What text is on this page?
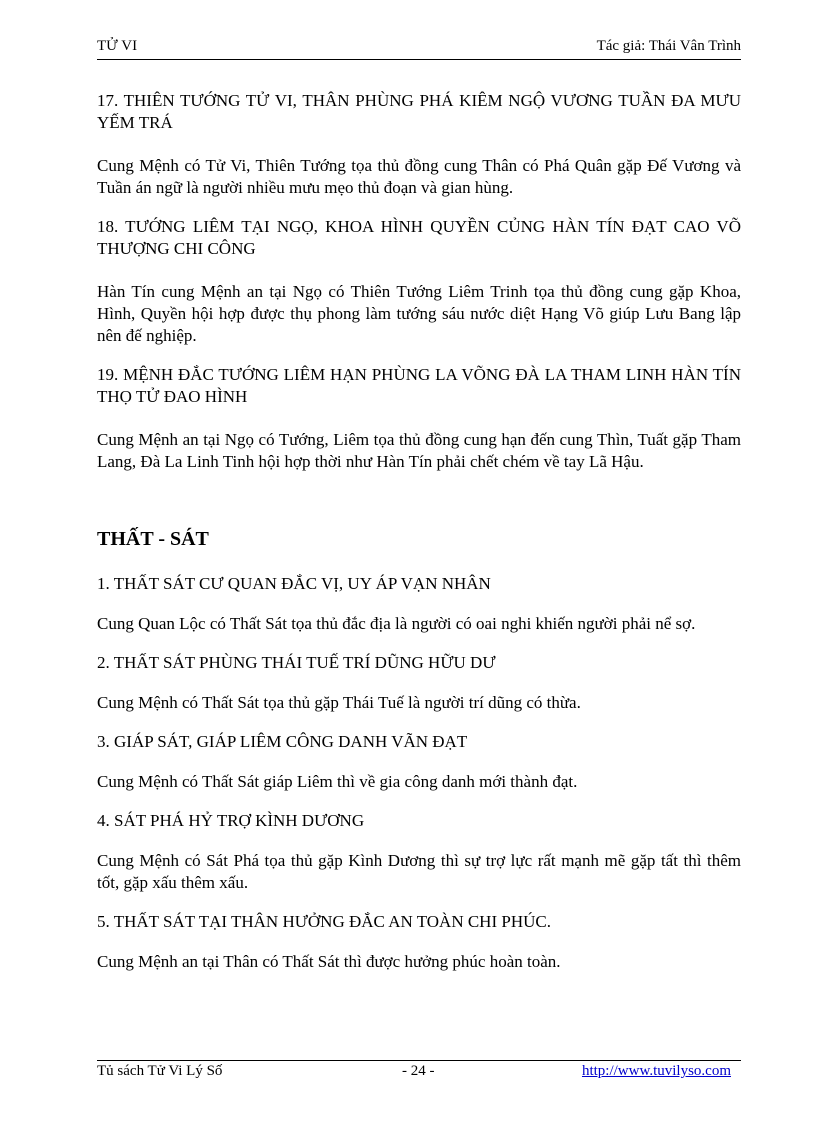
TỬ VI	Tác giả: Thái Vân Trình

17. THIÊN TƯỚNG TỬ VI, THÂN PHÙNG PHÁ KIÊM NGỘ VƯƠNG TUẦN ĐA MƯU YẾM TRÁ

Cung Mệnh có Tử Vi, Thiên Tướng tọa thủ đồng cung Thân có Phá Quân gặp Đế Vương và Tuần án ngữ là người nhiều mưu mẹo thủ đoạn và gian hùng.

18. TƯỚNG LIÊM TẠI NGỌ, KHOA HÌNH QUYỀN CỦNG HÀN TÍN ĐẠT CAO VÕ THƯỢNG CHI CÔNG

Hàn Tín cung Mệnh an tại Ngọ có Thiên Tướng Liêm Trinh tọa thủ đồng cung gặp Khoa, Hình, Quyền hội hợp được thụ phong làm tướng sáu nước diệt Hạng Võ giúp Lưu Bang lập nên đế nghiệp.

19. MỆNH ĐẮC TƯỚNG LIÊM HẠN PHÙNG LA VÕNG ĐÀ LA THAM LINH HÀN TÍN THỌ TỬ ĐAO HÌNH

Cung Mệnh an tại Ngọ có Tướng, Liêm tọa thủ đồng cung hạn đến cung Thìn, Tuất gặp Tham Lang, Đà La Linh Tinh hội hợp thời như Hàn Tín phải chết chém về tay Lã Hậu.

THẤT - SÁT

1. THẤT SÁT CƯ QUAN ĐẮC VỊ, UY ÁP VẠN NHÂN

Cung Quan Lộc có Thất Sát tọa thủ đắc địa là người có oai nghi khiến người phải nể sợ.

2. THẤT SÁT PHÙNG THÁI TUẾ TRÍ DŨNG HỮU DƯ

Cung Mệnh có Thất Sát tọa thủ gặp Thái Tuế là người trí dũng có thừa.

3. GIÁP SÁT, GIÁP LIÊM CÔNG DANH VÃN ĐẠT

Cung Mệnh có Thất Sát giáp Liêm thì về gia công danh mới thành đạt.

4. SÁT PHÁ HỶ TRỢ KÌNH DƯƠNG

Cung Mệnh có Sát Phá tọa thủ gặp Kình Dương thì sự trợ lực rất mạnh mẽ gặp tất thì thêm tốt, gặp xấu thêm xấu.

5. THẤT SÁT TẠI THÂN HƯỞNG ĐẮC AN TOÀN CHI PHÚC.

Cung Mệnh an tại Thân có Thất Sát thì được hưởng phúc hoàn toàn.

Tủ sách Tử Vi Lý Số	- 24 -	http://www.tuvilyso.com
